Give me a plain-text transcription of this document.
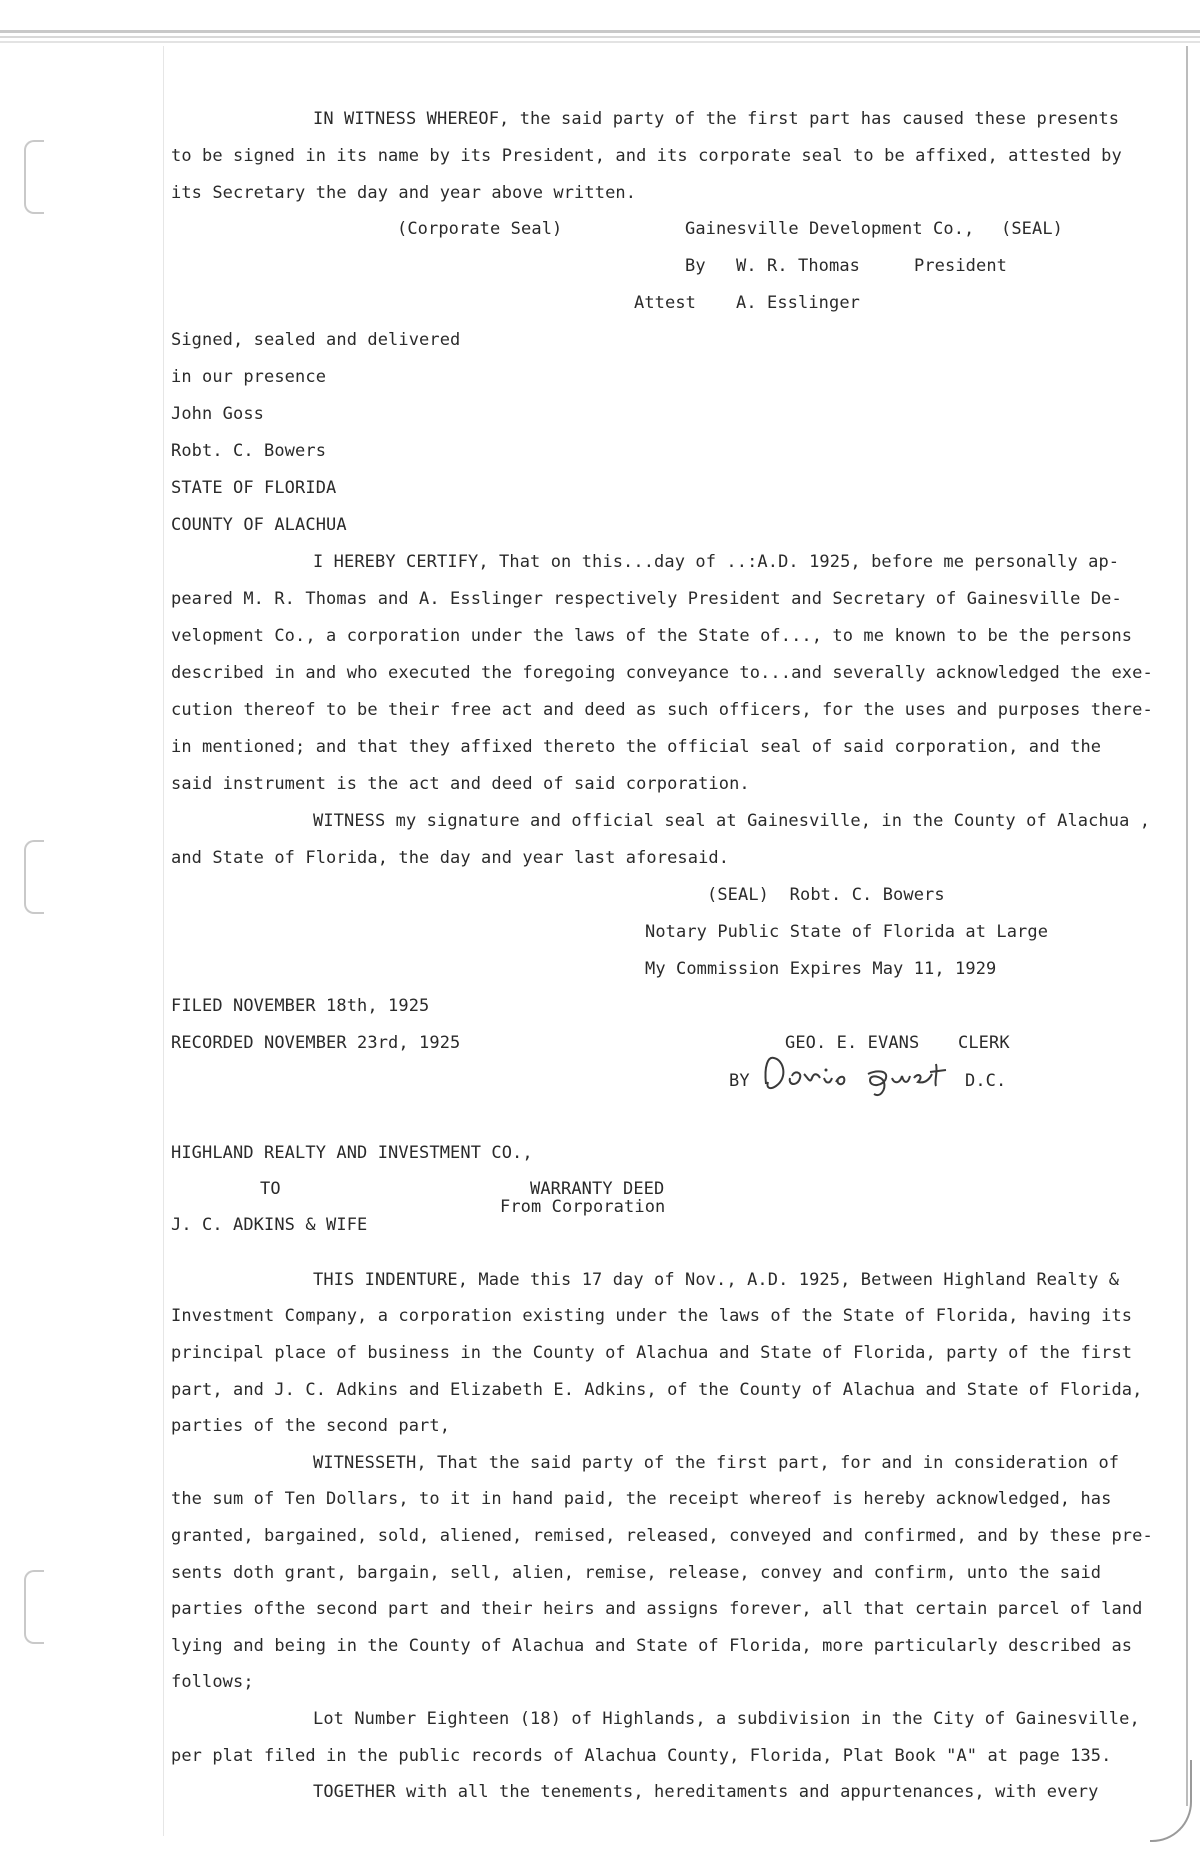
IN WITNESS WHEREOF, the said party of the first part has caused these presents
to be signed in its name by its President, and its corporate seal to be affixed, attested by
its Secretary the day and year above written.
(Corporate Seal)	Gainesville Development Co., (SEAL)
By W. R. Thomas	President
Attest A. Esslinger
Signed, sealed and delivered
in our presence
John Goss
Robt. C. Bowers
STATE OF FLORIDA
COUNTY OF ALACHUA
I HEREBY CERTIFY, That on this...day of ..:A.D. 1925, before me personally ap-
peared M. R. Thomas and A. Esslinger respectively President and Secretary of Gainesville De-
velopment Co., a corporation under the laws of the State of..., to me known to be the persons
described in and who executed the foregoing conveyance to...and severally acknowledged the exe-
cution thereof to be their free act and deed as such officers, for the uses and purposes there-
in mentioned; and that they affixed thereto the official seal of said corporation, and the
said instrument is the act and deed of said corporation.
WITNESS my signature and official seal at Gainesville, in the County of Alachua ,
and State of Florida, the day and year last aforesaid.
(SEAL)  Robt. C. Bowers
Notary Public State of Florida at Large
My Commission Expires May 11, 1929
FILED NOVEMBER 18th, 1925
RECORDED NOVEMBER 23rd, 1925	GEO. E. EVANS CLERK
BY	D.C.
HIGHLAND REALTY AND INVESTMENT CO.,
TO	WARRANTY DEED
From Corporation
J. C. ADKINS & WIFE
THIS INDENTURE, Made this 17 day of Nov., A.D. 1925, Between Highland Realty &
Investment Company, a corporation existing under the laws of the State of Florida, having its
principal place of business in the County of Alachua and State of Florida, party of the first
part, and J. C. Adkins and Elizabeth E. Adkins, of the County of Alachua and State of Florida,
parties of the second part,
WITNESSETH, That the said party of the first part, for and in consideration of
the sum of Ten Dollars, to it in hand paid, the receipt whereof is hereby acknowledged, has
granted, bargained, sold, aliened, remised, released, conveyed and confirmed, and by these pre-
sents doth grant, bargain, sell, alien, remise, release, convey and confirm, unto the said
parties ofthe second part and their heirs and assigns forever, all that certain parcel of land
lying and being in the County of Alachua and State of Florida, more particularly described as
follows;
Lot Number Eighteen (18) of Highlands, a subdivision in the City of Gainesville,
per plat filed in the public records of Alachua County, Florida, Plat Book "A" at page 135.
TOGETHER with all the tenements, hereditaments and appurtenances, with every
